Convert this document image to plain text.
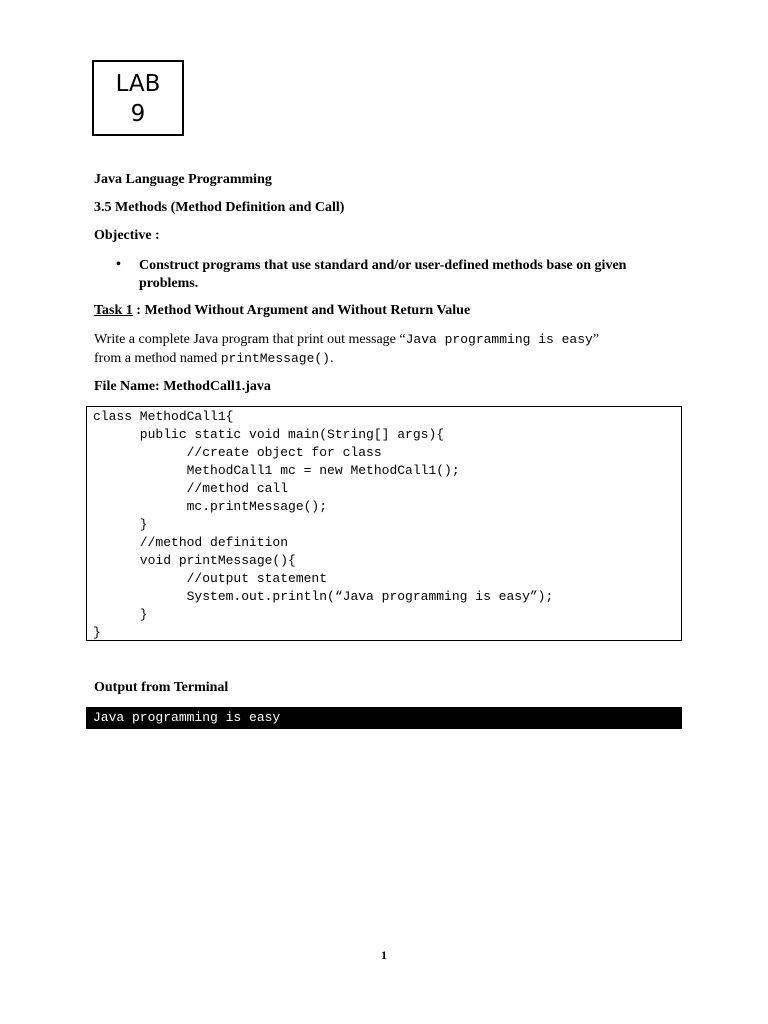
LAB
9
Java Language Programming
3.5 Methods (Method Definition and Call)
Objective :
• Construct programs that use standard and/or user-defined methods base on given problems.
Task 1 : Method Without Argument and Without Return Value
Write a complete Java program that print out message “Java programming is easy”
from a method named printMessage().
File Name: MethodCall1.java
class MethodCall1{
public static void main(String[] args){
//create object for class
MethodCall1 mc = new MethodCall1();
//method call
mc.printMessage();
}
//method definition
void printMessage(){
//output statement
System.out.println(“Java programming is easy”);
}
}
Output from Terminal
Java programming is easy
1
